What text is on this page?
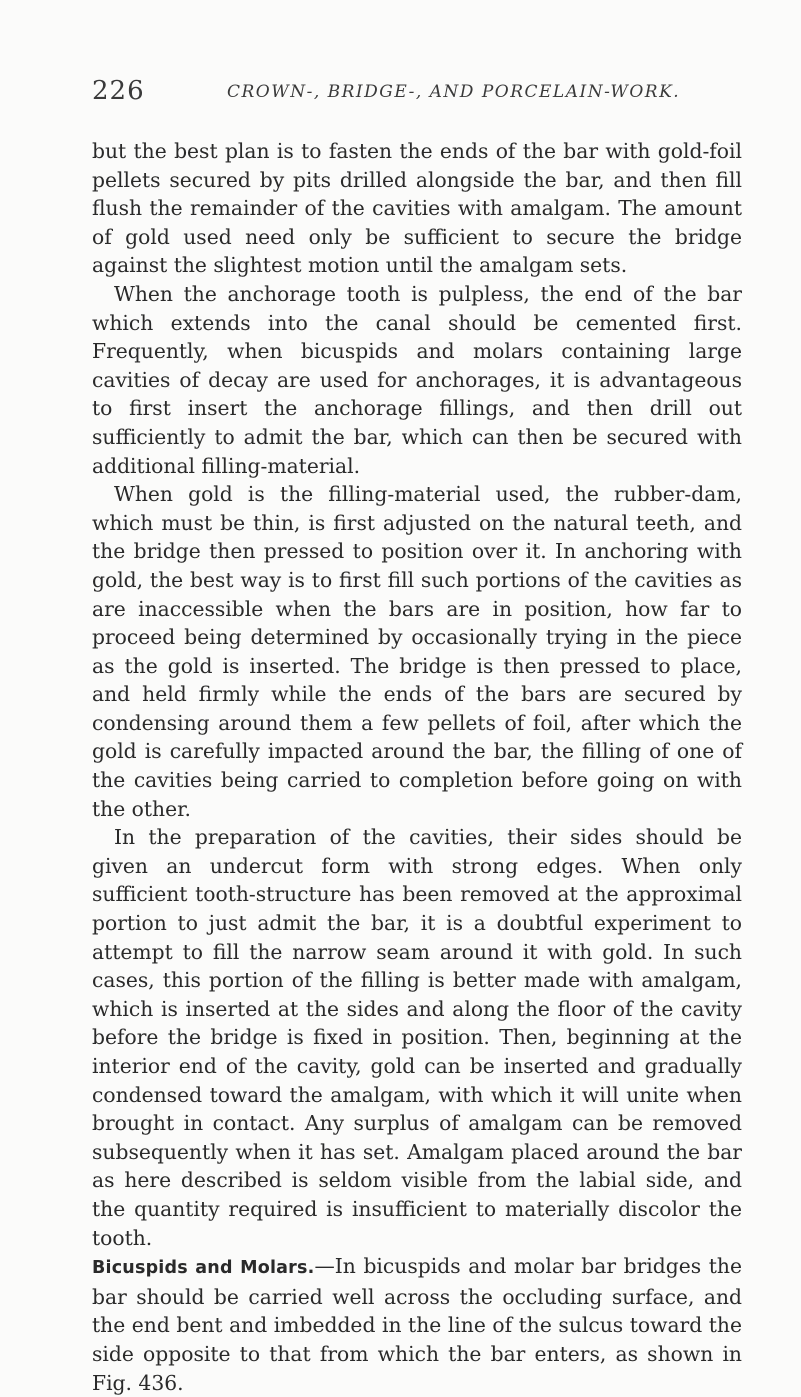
226	CROWN-, BRIDGE-, AND PORCELAIN-WORK.

but the best plan is to fasten the ends of the bar with gold-foil pellets secured by pits drilled alongside the bar, and then fill flush the remainder of the cavities with amalgam. The amount of gold used need only be sufficient to secure the bridge against the slightest motion until the amalgam sets.

When the anchorage tooth is pulpless, the end of the bar which extends into the canal should be cemented first. Frequently, when bicuspids and molars containing large cavities of decay are used for anchorages, it is advantageous to first insert the anchorage fillings, and then drill out sufficiently to admit the bar, which can then be secured with additional filling-material.

When gold is the filling-material used, the rubber-dam, which must be thin, is first adjusted on the natural teeth, and the bridge then pressed to position over it. In anchoring with gold, the best way is to first fill such portions of the cavities as are inaccessible when the bars are in position, how far to proceed being determined by occasionally trying in the piece as the gold is inserted. The bridge is then pressed to place, and held firmly while the ends of the bars are secured by condensing around them a few pellets of foil, after which the gold is carefully impacted around the bar, the filling of one of the cavities being carried to completion before going on with the other.

In the preparation of the cavities, their sides should be given an undercut form with strong edges. When only sufficient tooth-structure has been removed at the approximal portion to just admit the bar, it is a doubtful experiment to attempt to fill the narrow seam around it with gold. In such cases, this portion of the filling is better made with amalgam, which is inserted at the sides and along the floor of the cavity before the bridge is fixed in position. Then, beginning at the interior end of the cavity, gold can be inserted and gradually condensed toward the amalgam, with which it will unite when brought in contact. Any surplus of amalgam can be removed subsequently when it has set. Amalgam placed around the bar as here described is seldom visible from the labial side, and the quantity required is insufficient to materially discolor the tooth.

Bicuspids and Molars.—In bicuspids and molar bar bridges the bar should be carried well across the occluding surface, and the end bent and imbedded in the line of the sulcus toward the side opposite to that from which the bar enters, as shown in Fig. 436.
